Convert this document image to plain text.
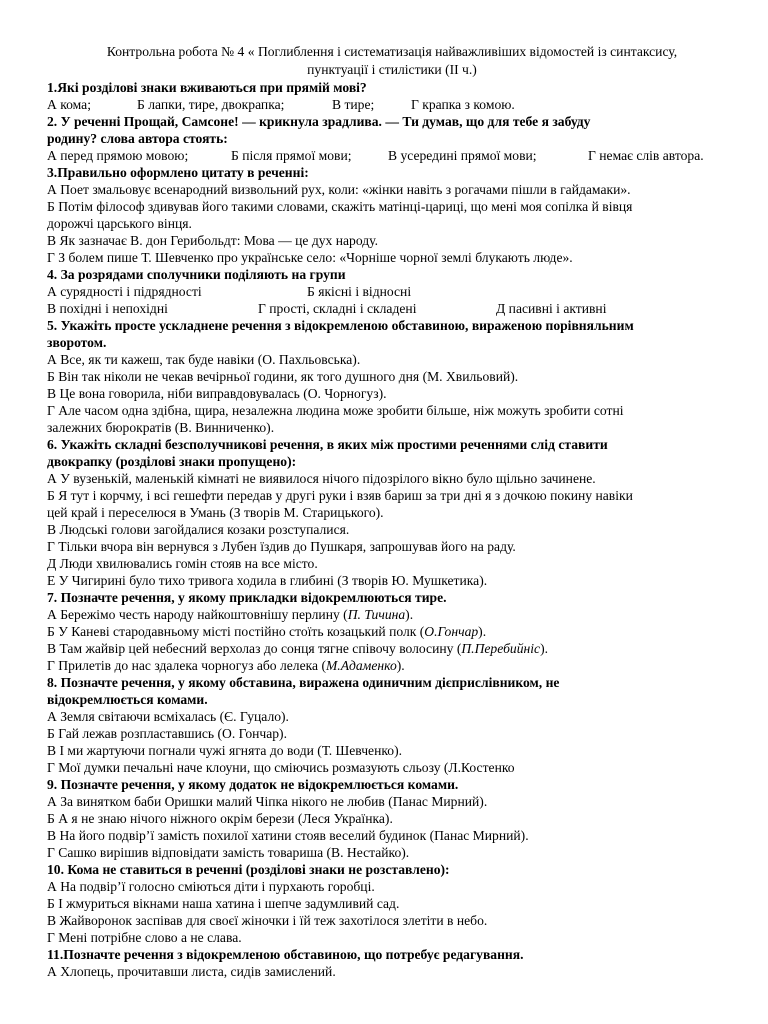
Контрольна робота № 4 « Поглиблення і систематизація найважливіших відомостей із синтаксису,

пунктуації і стилістики (II ч.)

1.Які розділові знаки вживаються при прямій мові?

А кома;	Б лапки, тире, двокрапка;	В тире;	Г крапка з комою.

2. У реченні Прощай, Самсоне! — крикнула зрадлива. — Ти думав, що для тебе я забуду

родину? слова автора стоять:

А перед прямою мовою;	Б після прямої мови;	В усередині прямої мови;	Г немає слів автора.

3.Правильно оформлено цитату в реченні:

А Поет змальовує всенародний визвольний рух, коли: «жінки навіть з рогачами пішли в гайдамаки».

Б Потім філософ здивував його такими словами, скажіть матінці-цариці, що мені моя сопілка й вівця

дорожчі царського вінця.

В Як зазначає В. дон Герибольдт: Мова — це дух народу.

Г З болем пише Т. Шевченко про українське село: «Чорніше чорної землі блукають люде».

4. За розрядами сполучники поділяють на групи

А сурядності і підрядності	Б якісні і відносні
В похідні і непохідні	Г прості, складні і складені	Д пасивні і активні

5. Укажіть просте ускладнене речення з відокремленою обставиною, вираженою порівняльним

зворотом.

А Все, як ти кажеш, так буде навіки (О. Пахльовська).

Б Він так ніколи не чекав вечірньої години, як того душного дня (М. Хвильовий).

В Це вона говорила, ніби виправдовувалась (О. Чорногуз).

Г Але часом одна здібна, щира, незалежна людина може зробити більше, ніж можуть зробити сотні

залежних бюрократів (В. Винниченко).

6. Укажіть складні безсполучникові речення, в яких між простими реченнями слід ставити

двокрапку (розділові знаки пропущено):

А У вузенькій, маленькій кімнаті не виявилося нічого підозрілого вікно було щільно зачинене.

Б Я тут і корчму, і всі гешефти передав у другі руки і взяв бариш за три дні я з дочкою покину навіки

цей край і переселюся в Умань (З творів М. Старицького).

В Людські голови загойдалися козаки розступалися.

Г Тільки вчора він вернувся з Лубен їздив до Пушкаря, запрошував його на раду.

Д Люди хвилювались гомін стояв на все місто.

Е У Чигирині було тихо тривога ходила в глибині (З творів Ю. Мушкетика).

7. Позначте речення, у якому прикладки відокремлюються тире.

А Бережімо честь народу найкоштовнішу перлину (П. Тичина).

Б У Каневі стародавньому місті постійно стоїть козацький полк (О.Гончар).

В Там жайвір цей небесний верхолаз до сонця тягне співочу волосину (П.Перебийніс).

Г Прилетів до нас здалека чорногуз або лелека (М.Адаменко).

8. Позначте речення, у якому обставина, виражена одиничним дієприслівником, не

відокремлюється комами.

А Земля світаючи всміхалась (Є. Гуцало).

Б Гай лежав розпластавшись (О. Гончар).

В І ми жартуючи погнали чужі ягнята до води (Т. Шевченко).

Г Мої думки печальні наче клоуни, що сміючись розмазують сльозу (Л.Костенко

9. Позначте речення, у якому додаток не відокремлюється комами.

А За винятком баби Оришки малий Чіпка нікого не любив (Панас Мирний).

Б А я не знаю нічого ніжного окрім берези (Леся Українка).

В На його подвір’ї замість похилої хатини стояв веселий будинок (Панас Мирний).

Г Сашко вирішив відповідати замість товариша (В. Нестайко).

10. Кома не ставиться в реченні (розділові знаки не розставлено):

А На подвір’ї голосно сміються діти і пурхають горобці.

Б І жмуриться вікнами наша хатина і шепче задумливий сад.

В Жайворонок заспівав для своєї жіночки і їй теж захотілося злетіти в небо.

Г Мені потрібне слово а не слава.

11.Позначте речення з відокремленою обставиною, що потребує редагування.

А Хлопець, прочитавши листа, сидів замислений.
